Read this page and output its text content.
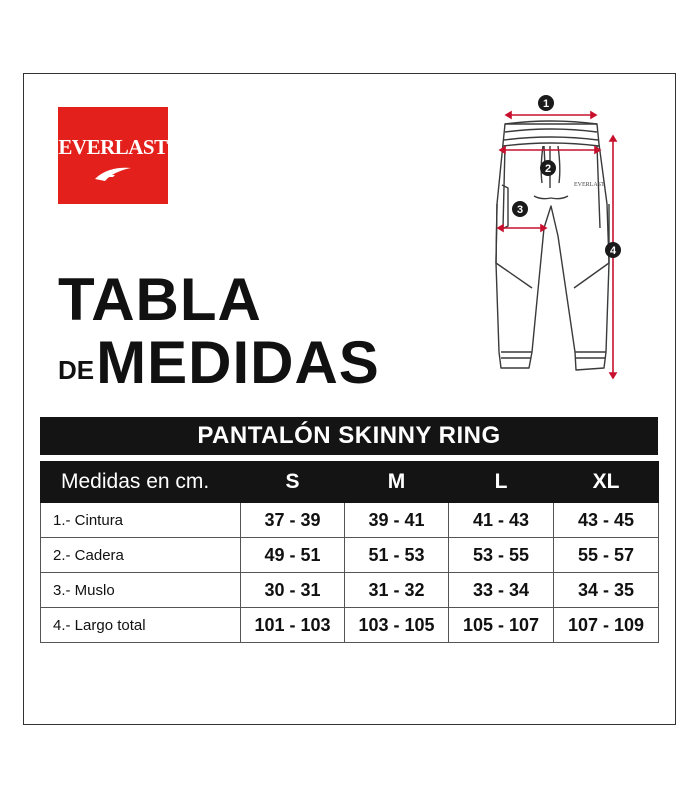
EVERLAST
TABLA
DEMEDIDAS
EVERLAST
1
2
3
4
PANTALÓN SKINNY RING
Medidas en cm.	S	M	L	XL
1.- Cintura	37 - 39	39 - 41	41 - 43	43 - 45
2.- Cadera	49 - 51	51 - 53	53 - 55	55 - 57
3.- Muslo	30 - 31	31 - 32	33 - 34	34 - 35
4.- Largo total	101 - 103	103 - 105	105 - 107	107 - 109
